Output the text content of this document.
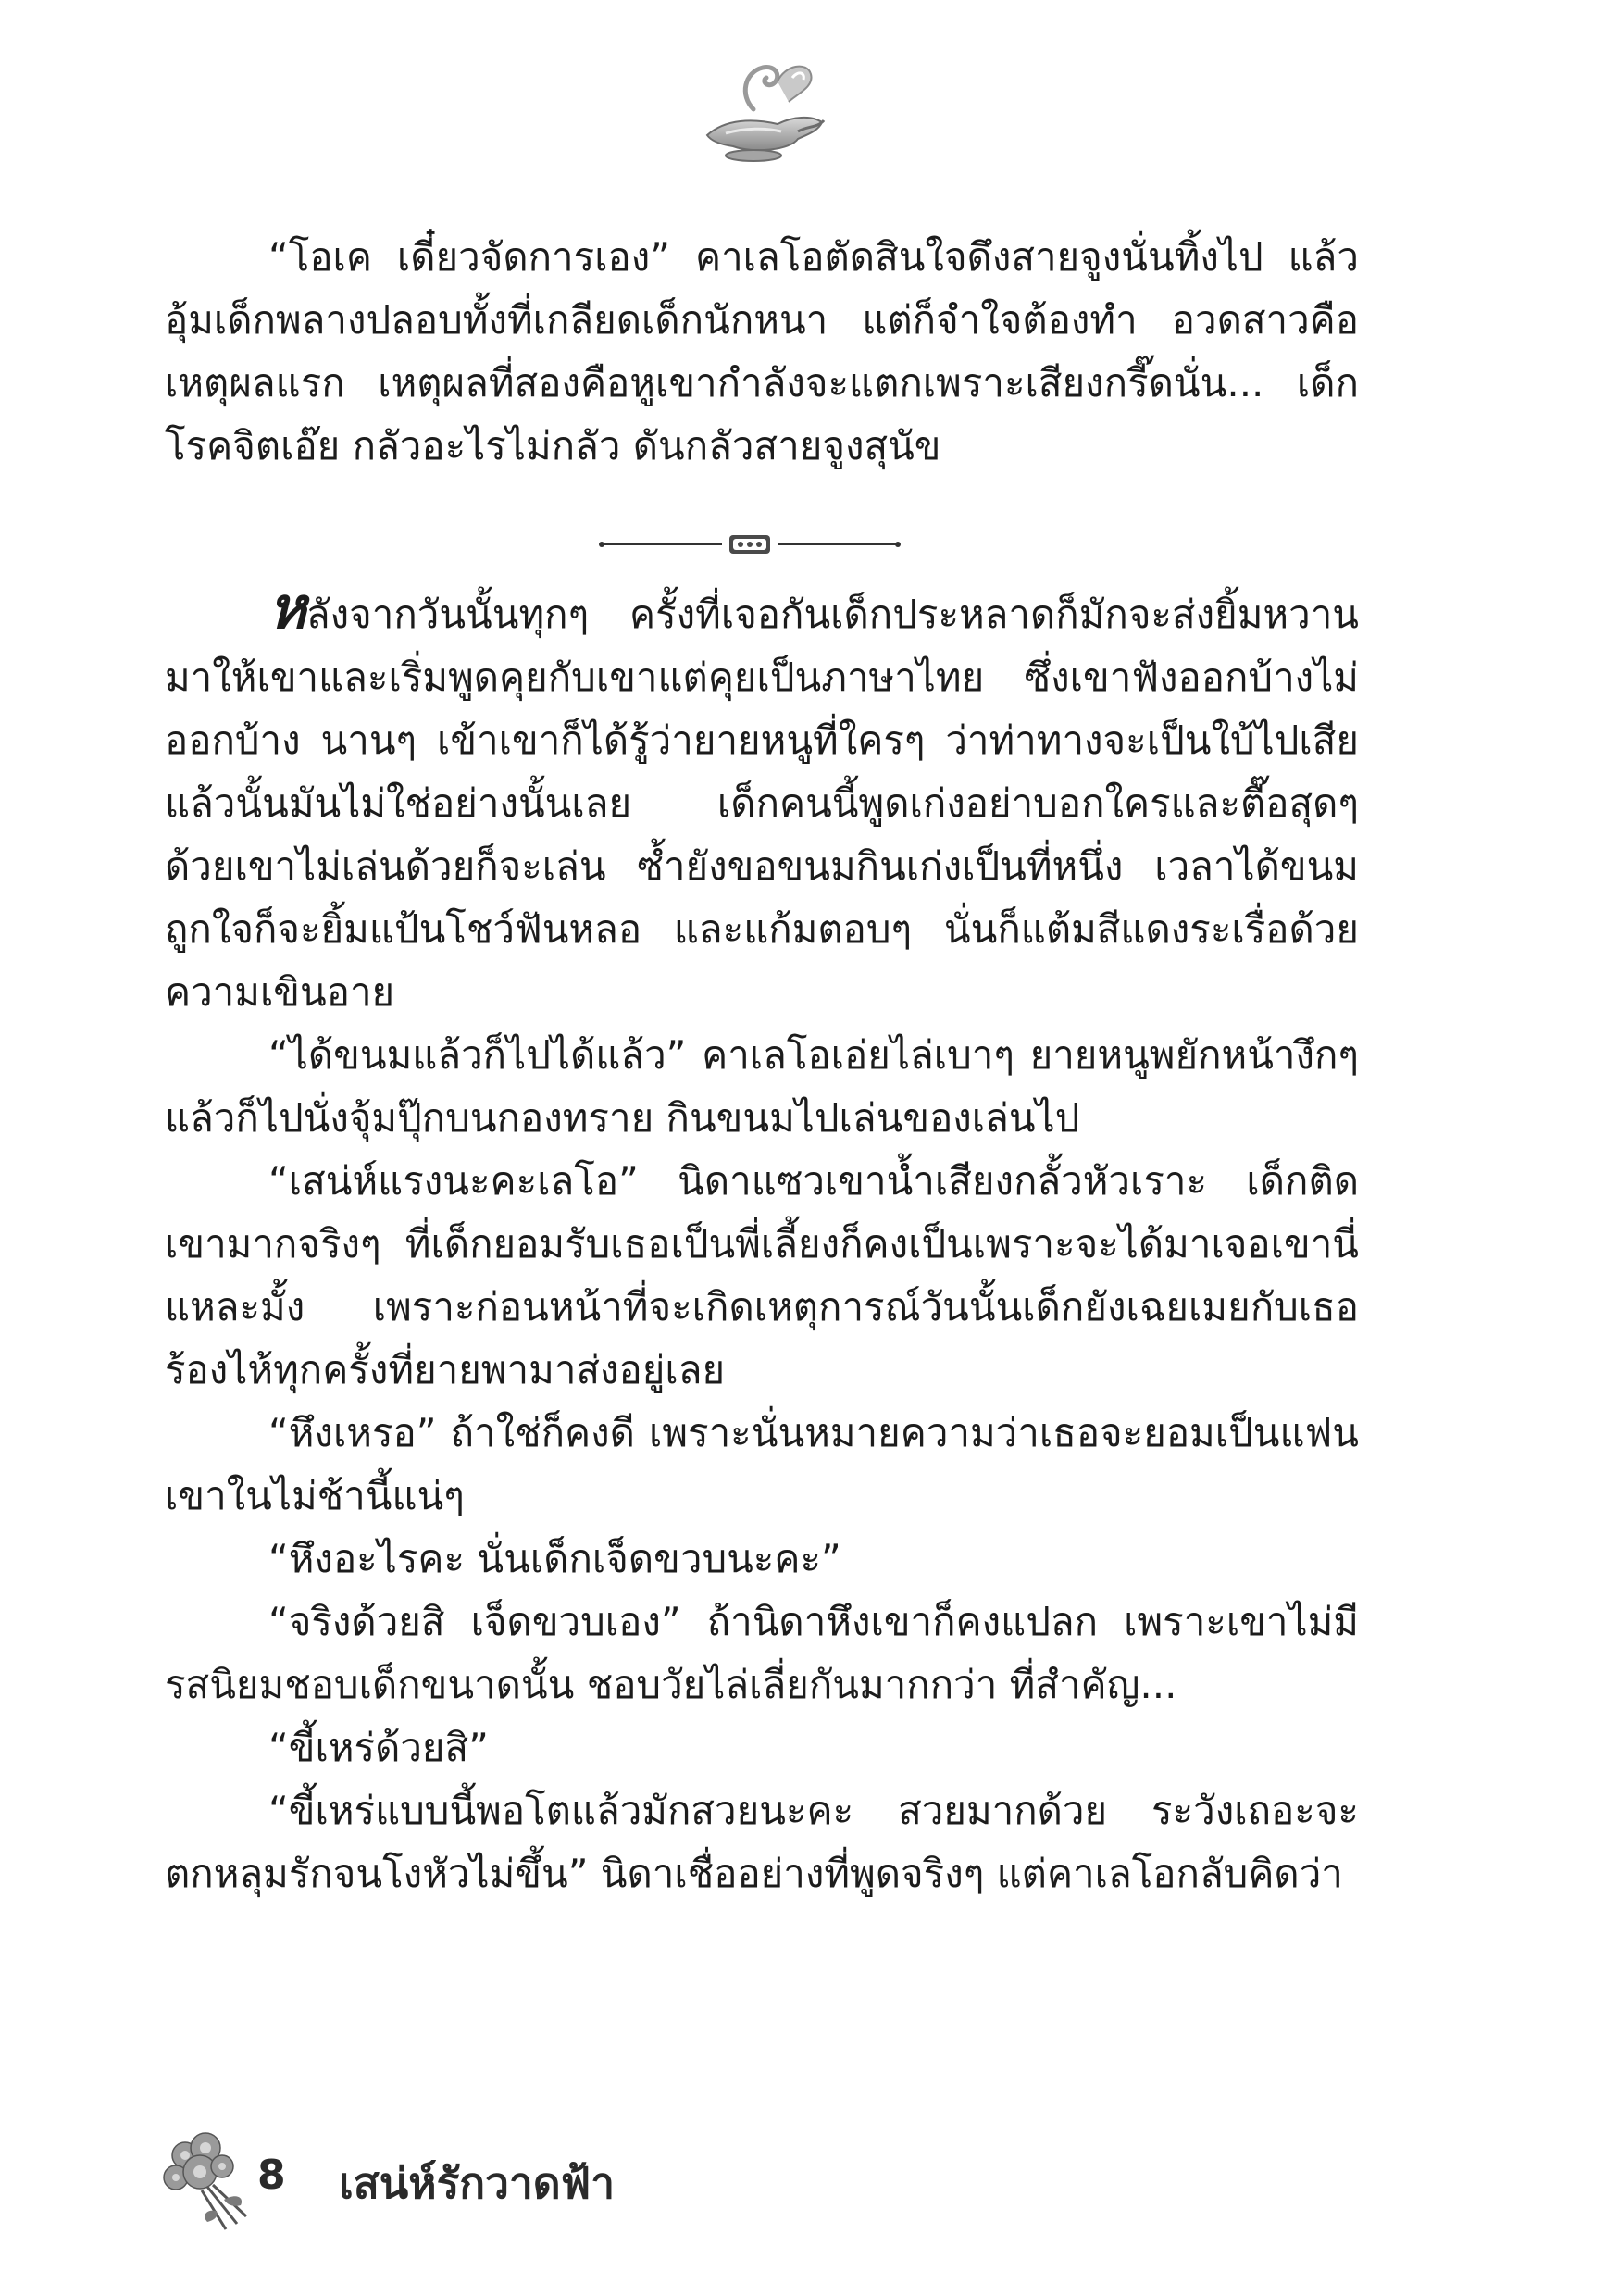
“โอเค เดี๋ยวจัดการเอง” คาเลโอตัดสินใจดึงสายจูงนั่นทิ้งไป แล้วอุ้มเด็กพลางปลอบทั้งที่เกลียดเด็กนักหนา แต่ก็จำใจต้องทำ อวดสาวคือเหตุผลแรก เหตุผลที่สองคือหูเขากำลังจะแตกเพราะเสียงกรี๊ดนั่น... เด็กโรคจิตเอ๊ย กลัวอะไรไม่กลัว ดันกลัวสายจูงสุนัข

หลังจากวันนั้นทุกๆ ครั้งที่เจอกันเด็กประหลาดก็มักจะส่งยิ้มหวานมาให้เขาและเริ่มพูดคุยกับเขาแต่คุยเป็นภาษาไทย ซึ่งเขาฟังออกบ้างไม่ออกบ้าง นานๆ เข้าเขาก็ได้รู้ว่ายายหนูที่ใครๆ ว่าท่าทางจะเป็นใบ้ไปเสียแล้วนั้นมันไม่ใช่อย่างนั้นเลย เด็กคนนี้พูดเก่งอย่าบอกใครและตื๊อสุดๆ ด้วยเขาไม่เล่นด้วยก็จะเล่น ซ้ำยังขอขนมกินเก่งเป็นที่หนึ่ง เวลาได้ขนมถูกใจก็จะยิ้มแป้นโชว์ฟันหลอ และแก้มตอบๆ นั่นก็แต้มสีแดงระเรื่อด้วยความเขินอาย

“ได้ขนมแล้วก็ไปได้แล้ว” คาเลโอเอ่ยไล่เบาๆ ยายหนูพยักหน้างึกๆ แล้วก็ไปนั่งจุ้มปุ๊กบนกองทราย กินขนมไปเล่นของเล่นไป

“เสน่ห์แรงนะคะเลโอ” นิดาแซวเขาน้ำเสียงกลั้วหัวเราะ เด็กติดเขามากจริงๆ ที่เด็กยอมรับเธอเป็นพี่เลี้ยงก็คงเป็นเพราะจะได้มาเจอเขานี่แหละมั้ง เพราะก่อนหน้าที่จะเกิดเหตุการณ์วันนั้นเด็กยังเฉยเมยกับเธอ ร้องไห้ทุกครั้งที่ยายพามาส่งอยู่เลย

“หึงเหรอ” ถ้าใช่ก็คงดี เพราะนั่นหมายความว่าเธอจะยอมเป็นแฟนเขาในไม่ช้านี้แน่ๆ

“หึงอะไรคะ นั่นเด็กเจ็ดขวบนะคะ”

“จริงด้วยสิ เจ็ดขวบเอง” ถ้านิดาหึงเขาก็คงแปลก เพราะเขาไม่มีรสนิยมชอบเด็กขนาดนั้น ชอบวัยไล่เลี่ยกันมากกว่า ที่สำคัญ...

“ขี้เหร่ด้วยสิ”

“ขี้เหร่แบบนี้พอโตแล้วมักสวยนะคะ สวยมากด้วย ระวังเถอะจะตกหลุมรักจนโงหัวไม่ขึ้น” นิดาเชื่ออย่างที่พูดจริงๆ แต่คาเลโอกลับคิดว่า

8 เสน่ห์รักวาดฟ้า
